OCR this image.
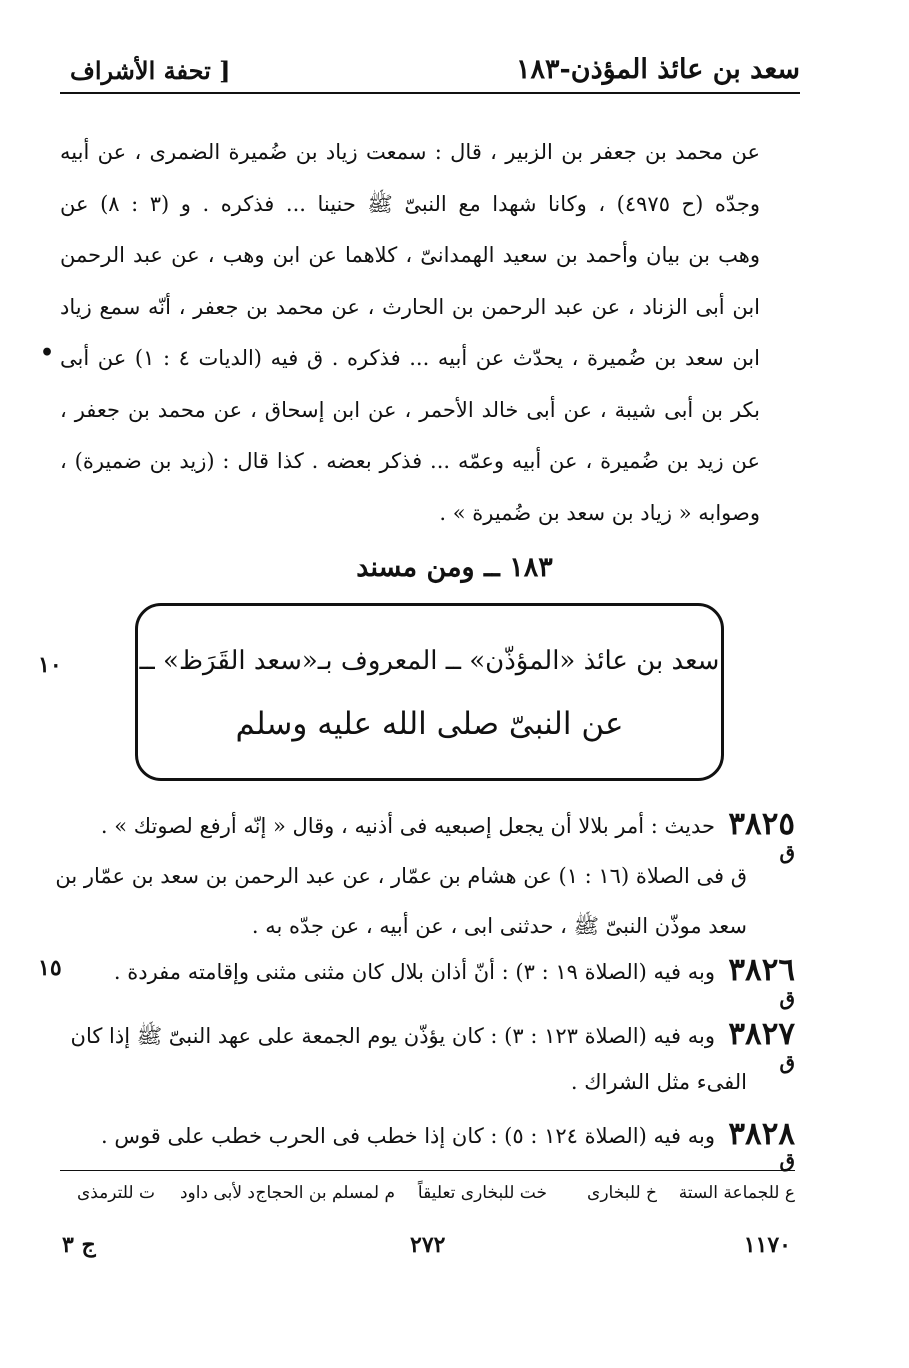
سعد بن عائذ المؤذن-١٨٣
[ تحفة الأشراف
عن محمد بن جعفر بن الزبير ، قال : سمعت زياد بن ضُميرة الضمرى ، عن أبيه
وجدّه (ح ٤٩٧٥) ، وكانا شهدا مع النبىّ ﷺ حنينا ... فذكره . و (٣ : ٨) عن
وهب بن بيان وأحمد بن سعيد الهمدانىّ ، كلاهما عن ابن وهب ، عن عبد الرحمن
ابن أبى الزناد ، عن عبد الرحمن بن الحارث ، عن محمد بن جعفر ، أنّه سمع زياد
ابن سعد بن ضُميرة ، يحدّث عن أبيه ... فذكره . ق فيه (الديات ٤ : ١) عن أبى
بكر بن أبى شيبة ، عن أبى خالد الأحمر ، عن ابن إسحاق ، عن محمد بن جعفر ،
عن زيد بن ضُميرة ، عن أبيه وعمّه ... فذكر بعضه . كذا قال : (زيد بن ضميرة) ،
وصوابه « زياد بن سعد بن ضُميرة » .
•
١٨٣ ــ ومن مسند
١٠	سعد بن عائذ «المؤذّن» ــ المعروف بـ«سعد القَرَظ» ــ
عن النبىّ صلى الله عليه وسلم
٣٨٢٥
حديث : أمر بلالا أن يجعل إصبعيه فى أذنيه ، وقال « إنّه أرفع لصوتك » .
ق
ق فى الصلاة (١٦ : ١) عن هشام بن عمّار ، عن عبد الرحمن بن سعد بن عمّار بن
سعد موذّن النبىّ ﷺ ، حدثنى ابى ، عن أبيه ، عن جدّه به .
١٥	٣٨٢٦
وبه فيه (الصلاة ١٩ : ٣) : أنّ أذان بلال كان مثنى مثنى وإقامته مفردة .
ق
٣٨٢٧
وبه فيه (الصلاة ١٢٣ : ٣) : كان يؤذّن يوم الجمعة على عهد النبىّ ﷺ إذا كان
ق
الفىء مثل الشراك .
٣٨٢٨
وبه فيه (الصلاة ١٢٤ : ٥) : كان إذا خطب فى الحرب خطب على قوس .
ق
ع للجماعة الستة
خ للبخارى
خت للبخارى تعليقاً
م لمسلم بن الحجاج
د لأبى داود
ت للترمذى
١١٧٠
٢٧٢
ج ٣
